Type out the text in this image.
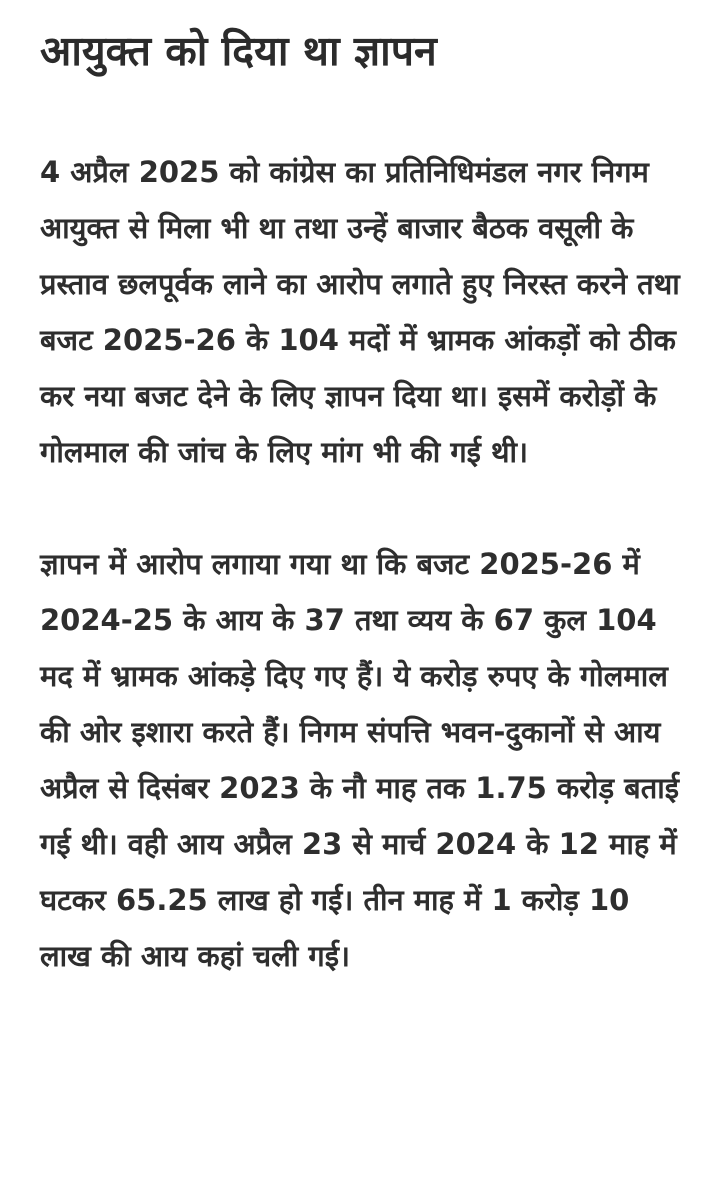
आयुक्त को दिया था ज्ञापन

4 अप्रैल 2025 को कांग्रेस का प्रतिनिधिमंडल नगर निगम आयुक्त से मिला भी था तथा उन्हें बाजार बैठक वसूली के प्रस्ताव छलपूर्वक लाने का आरोप लगाते हुए निरस्त करने तथा बजट 2025-26 के 104 मदों में भ्रामक आंकड़ों को ठीक कर नया बजट देने के लिए ज्ञापन दिया था। इसमें करोड़ों के गोलमाल की जांच के लिए मांग भी की गई थी।

ज्ञापन में आरोप लगाया गया था कि बजट 2025-26 में 2024-25 के आय के 37 तथा व्यय के 67 कुल 104 मद में भ्रामक आंकड़े दिए गए हैं। ये करोड़ रुपए के गोलमाल की ओर इशारा करते हैं। निगम संपत्ति भवन-दुकानों से आय अप्रैल से दिसंबर 2023 के नौ माह तक 1.75 करोड़ बताई गई थी। वही आय अप्रैल 23 से मार्च 2024 के 12 माह में घटकर 65.25 लाख हो गई। तीन माह में 1 करोड़ 10 लाख की आय कहां चली गई।
